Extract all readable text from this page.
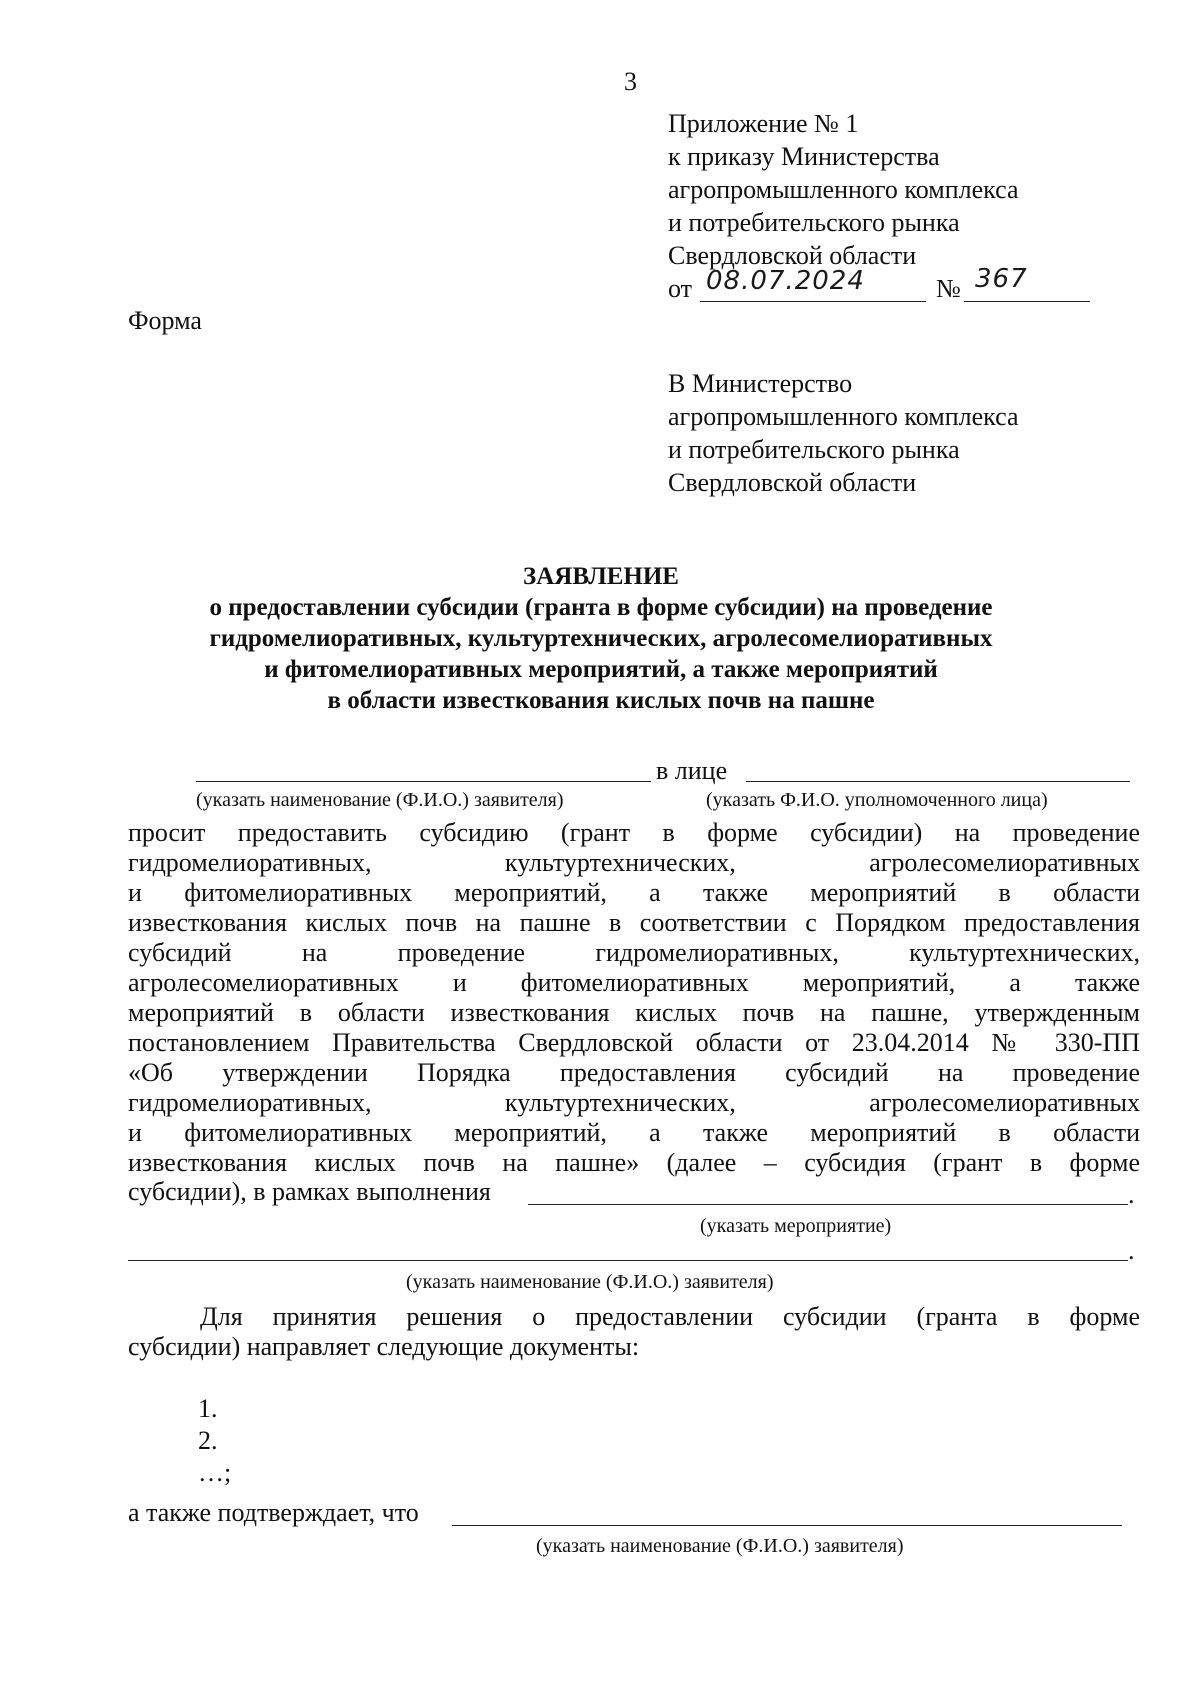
3
Приложение № 1
к приказу Министерства
агропромышленного комплекса
и потребительского рынка
Свердловской области
от 08.07.2024	№ 367
Форма
В Министерство
агропромышленного комплекса
и потребительского рынка
Свердловской области
ЗАЯВЛЕНИЕ
о предоставлении субсидии (гранта в форме субсидии) на проведение
гидромелиоративных, культуртехнических, агролесомелиоративных
и фитомелиоративных мероприятий, а также мероприятий
в области известкования кислых почв на пашне
в лице
(указать наименование (Ф.И.О.) заявителя)	(указать Ф.И.О. уполномоченного лица)
просит предоставить субсидию (грант в форме субсидии) на проведение
гидромелиоративных, культуртехнических, агролесомелиоративных
и фитомелиоративных мероприятий, а также мероприятий в области
известкования кислых почв на пашне в соответствии с Порядком предоставления
субсидий на проведение гидромелиоративных, культуртехнических,
агролесомелиоративных и фитомелиоративных мероприятий, а также
мероприятий в области известкования кислых почв на пашне, утвержденным
постановлением Правительства Свердловской области от 23.04.2014 № 330-ПП
«Об утверждении Порядка предоставления субсидий на проведение
гидромелиоративных, культуртехнических, агролесомелиоративных
и фитомелиоративных мероприятий, а также мероприятий в области
известкования кислых почв на пашне» (далее – субсидия (грант в форме
субсидии), в рамках выполнения	.
(указать мероприятие)
.
(указать наименование (Ф.И.О.) заявителя)
Для принятия решения о предоставлении субсидии (гранта в форме
субсидии) направляет следующие документы:
1.
2.
…;
а также подтверждает, что
(указать наименование (Ф.И.О.) заявителя)
